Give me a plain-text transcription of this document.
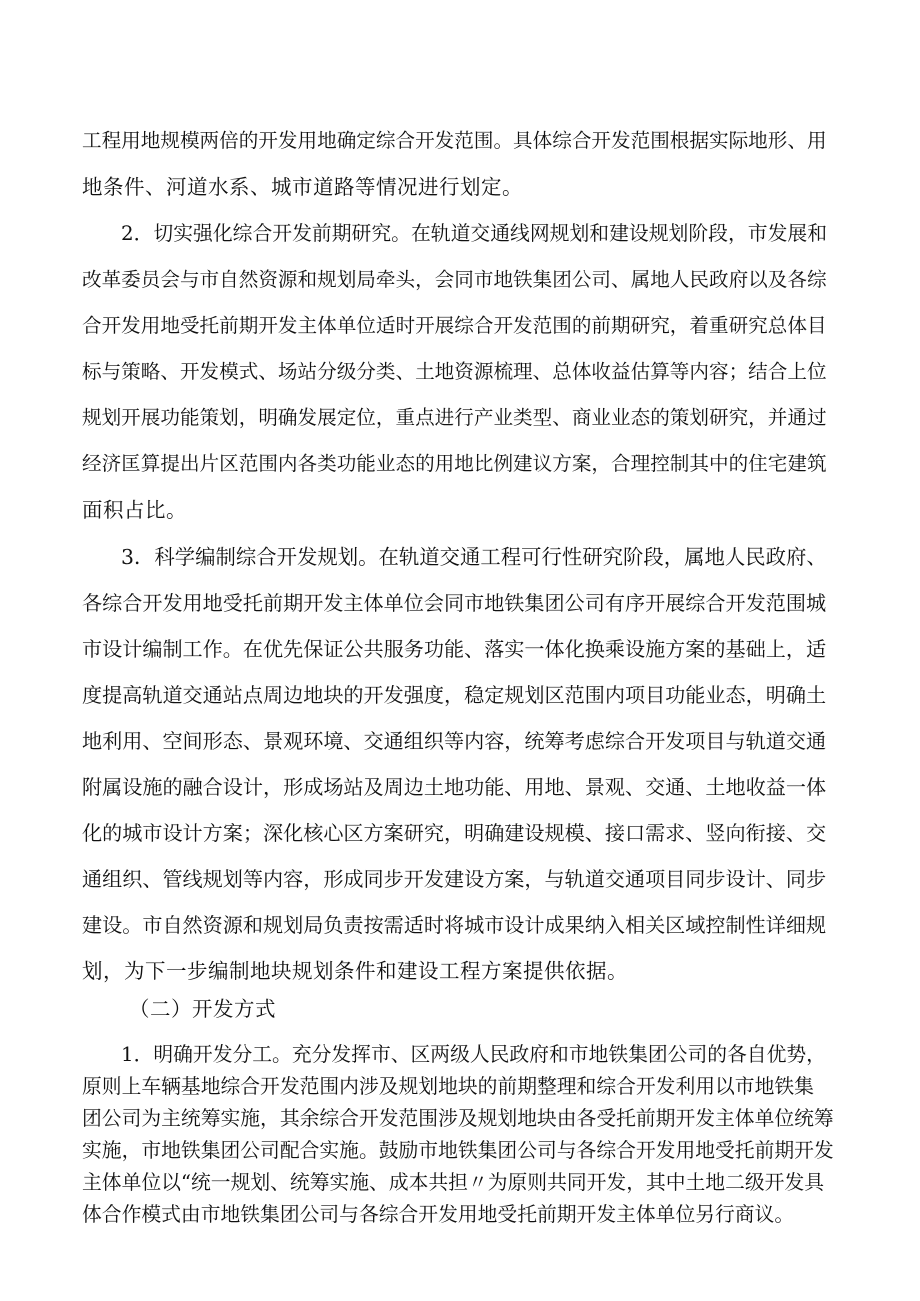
工程用地规模两倍的开发用地确定综合开发范围。具体综合开发范围根据实际地形、用
地条件、河道水系、城市道路等情况进行划定。
2．切实强化综合开发前期研究。在轨道交通线网规划和建设规划阶段，市发展和
改革委员会与市自然资源和规划局牵头，会同市地铁集团公司、属地人民政府以及各综
合开发用地受托前期开发主体单位适时开展综合开发范围的前期研究，着重研究总体目
标与策略、开发模式、场站分级分类、土地资源梳理、总体收益估算等内容；结合上位
规划开展功能策划，明确发展定位，重点进行产业类型、商业业态的策划研究，并通过
经济匡算提出片区范围内各类功能业态的用地比例建议方案，合理控制其中的住宅建筑
面积占比。
3．科学编制综合开发规划。在轨道交通工程可行性研究阶段，属地人民政府、
各综合开发用地受托前期开发主体单位会同市地铁集团公司有序开展综合开发范围城
市设计编制工作。在优先保证公共服务功能、落实一体化换乘设施方案的基础上，适
度提高轨道交通站点周边地块的开发强度，稳定规划区范围内项目功能业态，明确土
地利用、空间形态、景观环境、交通组织等内容，统筹考虑综合开发项目与轨道交通
附属设施的融合设计，形成场站及周边土地功能、用地、景观、交通、土地收益一体
化的城市设计方案；深化核心区方案研究，明确建设规模、接口需求、竖向衔接、交
通组织、管线规划等内容，形成同步开发建设方案，与轨道交通项目同步设计、同步
建设。市自然资源和规划局负责按需适时将城市设计成果纳入相关区域控制性详细规
划，为下一步编制地块规划条件和建设工程方案提供依据。
（二）开发方式
1．明确开发分工。充分发挥市、区两级人民政府和市地铁集团公司的各自优势，
原则上车辆基地综合开发范围内涉及规划地块的前期整理和综合开发利用以市地铁集
团公司为主统筹实施，其余综合开发范围涉及规划地块由各受托前期开发主体单位统筹
实施，市地铁集团公司配合实施。鼓励市地铁集团公司与各综合开发用地受托前期开发
主体单位以“统一规划、统筹实施、成本共担〃为原则共同开发，其中土地二级开发具
体合作模式由市地铁集团公司与各综合开发用地受托前期开发主体单位另行商议。
